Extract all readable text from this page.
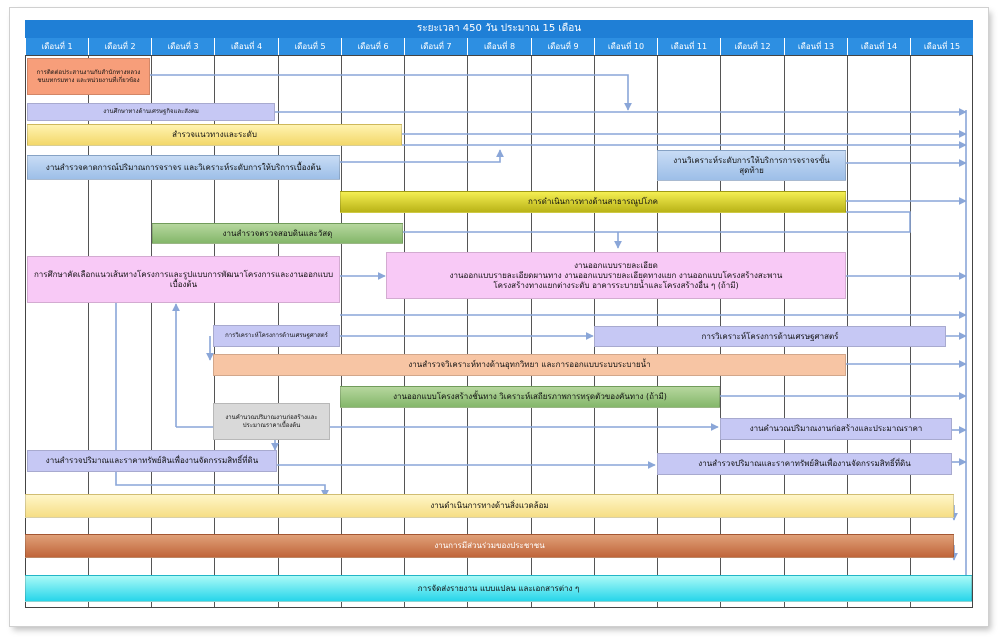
ระยะเวลา 450 วัน ประมาณ 15 เดือน
เดือนที่ 1	เดือนที่ 2	เดือนที่ 3	เดือนที่ 4	เดือนที่ 5	เดือนที่ 6	เดือนที่ 7	เดือนที่ 8	เดือนที่ 9	เดือนที่ 10	เดือนที่ 11	เดือนที่ 12	เดือนที่ 13	เดือนที่ 14	เดือนที่ 15
การติดต่อประสานงานกับสำนักทางหลวงชนบทกรมทาง และหน่วยงานที่เกี่ยวข้อง
งานศึกษาทางด้านเศรษฐกิจและสังคม
สำรวจแนวทางและระดับ
งานสำรวจคาดการณ์ปริมาณการจราจร และวิเคราะห์ระดับการให้บริการเบื้องต้น
งานวิเคราะห์ระดับการให้บริการการจราจรขั้นสุดท้าย
การดำเนินการทางด้านสาธารณูปโภค
งานสำรวจตรวจสอบดินและวัสดุ
การศึกษาคัดเลือกแนวเส้นทางโครงการและรูปแบบการพัฒนาโครงการและงานออกแบบเบื้องต้น
งานออกแบบรายละเอียด
งานออกแบบรายละเอียดผานทาง งานออกแบบรายละเอียดทางแยก งานออกแบบโครงสร้างสะพาน
โครงสร้างทางแยกต่างระดับ อาคารระบายน้ำและโครงสร้างอื่น ๆ (ถ้ามี)
การวิเคราะห์โครงการด้านเศรษฐศาสตร์	การวิเคราะห์โครงการด้านเศรษฐศาสตร์
งานสำรวจวิเคราะห์ทางด้านอุทกวิทยา และการออกแบบระบบระบายน้ำ
งานออกแบบโครงสร้างชั้นทาง วิเคราะห์เสถียรภาพการทรุดตัวของคันทาง (ถ้ามี)
งานคำนวณปริมาณงานก่อสร้างและประมาณราคาเบื้องต้น	งานคำนวณปริมาณงานก่อสร้างและประมาณราคา
งานสำรวจปริมาณและราคาทรัพย์สินเพื่องานจัดกรรมสิทธิ์ที่ดิน	งานสำรวจปริมาณและราคาทรัพย์สินเพื่องานจัดกรรมสิทธิ์ที่ดิน
งานดำเนินการทางด้านสิ่งแวดล้อม
งานการมีส่วนร่วมของประชาชน
การจัดส่งรายงาน แบบแปลน และเอกสารต่าง ๆ
